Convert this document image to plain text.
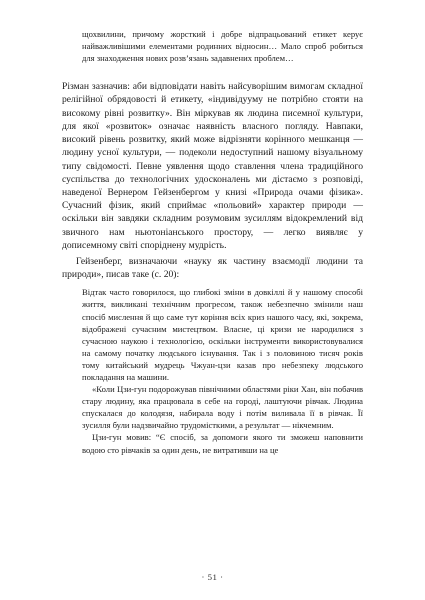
щохвилини, причому жорсткий і добре відпрацьований етикет керує найважливішими елементами родинних відносин… Мало спроб робиться для знаходження нових розв’язань задавнених проблем…

Різман зазначив: аби відповідати навіть найсуворішим вимогам складної релігійної обрядовості й етикету, «індивідууму не потрібно стояти на високому рівні розвитку». Він міркував як людина писемної культури, для якої «розвиток» означає наявність власного погляду. Навпаки, високий рівень розвитку, який може відрізняти корінного мешканця — людину усної культури, — подеколи недоступний нашому візуальному типу свідомості. Певне уявлення щодо ставлення члена традиційного суспільства до технологічних удосконалень ми дістаємо з розповіді, наведеної Вернером Гейзенбергом у книзі «Природа очами фізика». Сучасний фізик, який сприймає «польовий» характер природи — оскільки він завдяки складним розумовим зусиллям відокремлений від звичного нам ньютоніанського простору, — легко виявляє у дописемному світі споріднену мудрість.

Гейзенберг, визначаючи «науку як частину взаємодії людини та природи», писав таке (с. 20):

Відтак часто говорилося, що глибокі зміни в довкіллі й у нашому способі життя, викликані технічним прогресом, також небезпечно змінили наш спосіб мислення й що саме тут коріння всіх криз нашого часу, які, зокрема, відображені сучасним мистецтвом. Власне, ці кризи не народилися з сучасною наукою і технологією, оскільки інструменти використовувалися на самому початку людського існування. Так і з половиною тисяч років тому китайський мудрець Чжуан-цзи казав про небезпеку людського покладання на машини.

«Коли Цзи-гун подорожував північними областями ріки Хан, він побачив стару людину, яка працювала в себе на городі, лаштуючи рівчак. Людина спускалася до колодязя, набирала воду і потім виливала її в рівчак. Її зусилля були надзвичайно трудомісткими, а результат — нікчемним.

Цзи-гун мовив: “Є спосіб, за допомоги якого ти зможеш наповнити водою сто рівчаків за один день, не витративши на це

· 51 ·
